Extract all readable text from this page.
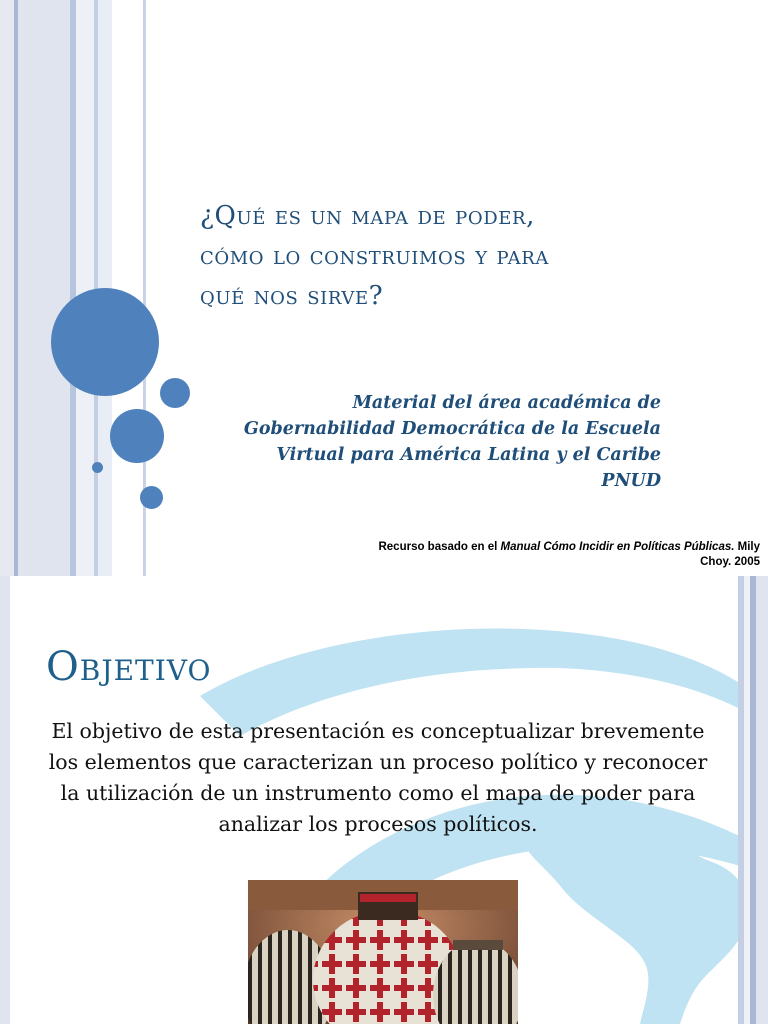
¿Qué es un mapa de poder,
cómo lo construimos y para
qué nos sirve?
Material del área académica de
Gobernabilidad Democrática de la Escuela
Virtual para América Latina y el Caribe
PNUD
Recurso basado en el Manual Cómo Incidir en Políticas Públicas. Mily
Choy. 2005
Objetivo

El objetivo de esta presentación es conceptualizar brevemente los elementos que caracterizan un proceso político y reconocer la utilización de un instrumento como el mapa de poder para analizar los procesos políticos.
